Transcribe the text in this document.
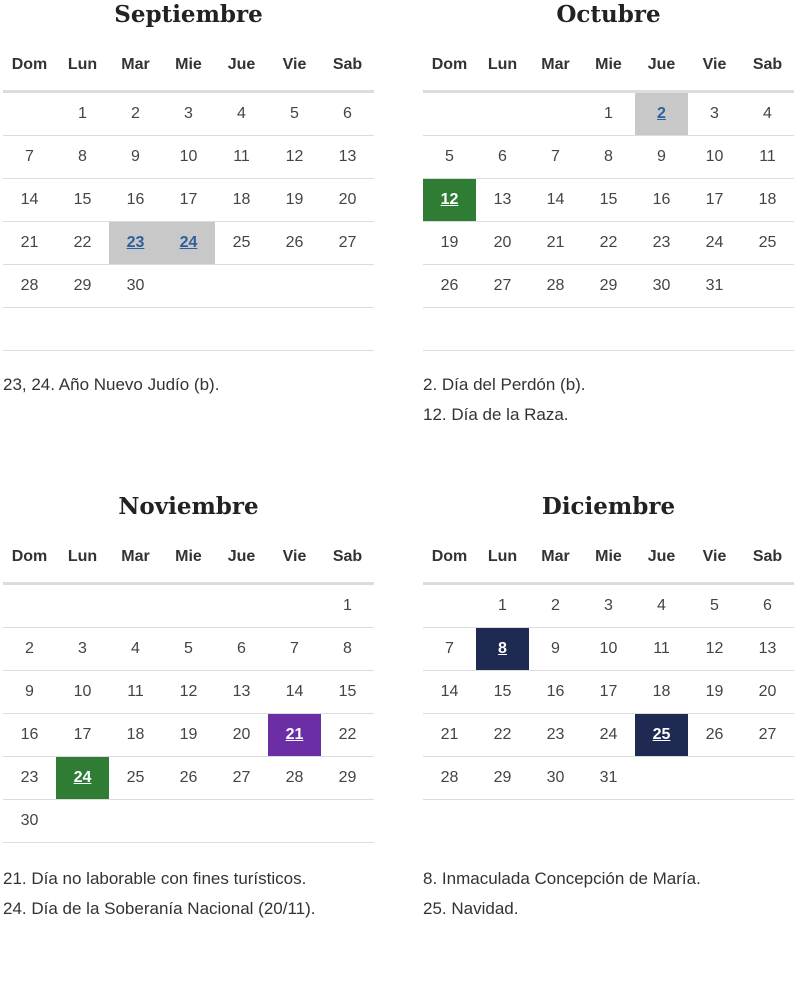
Septiembre
Dom	Lun	Mar	Mie	Jue	Vie	Sab
	1	2	3	4	5	6
7	8	9	10	11	12	13
14	15	16	17	18	19	20
21	22	23	24	25	26	27
28	29	30				

23, 24. Año Nuevo Judío (b).

Octubre
Dom	Lun	Mar	Mie	Jue	Vie	Sab
			1	2	3	4
5	6	7	8	9	10	11
12	13	14	15	16	17	18
19	20	21	22	23	24	25
26	27	28	29	30	31	

2. Día del Perdón (b).

12. Día de la Raza.

Noviembre
Dom	Lun	Mar	Mie	Jue	Vie	Sab
						1
2	3	4	5	6	7	8
9	10	11	12	13	14	15
16	17	18	19	20	21	22
23	24	25	26	27	28	29
30						

21. Día no laborable con fines turísticos.

24. Día de la Soberanía Nacional (20/11).

Diciembre
Dom	Lun	Mar	Mie	Jue	Vie	Sab
	1	2	3	4	5	6
7	8	9	10	11	12	13
14	15	16	17	18	19	20
21	22	23	24	25	26	27
28	29	30	31			

8. Inmaculada Concepción de María.

25. Navidad.
